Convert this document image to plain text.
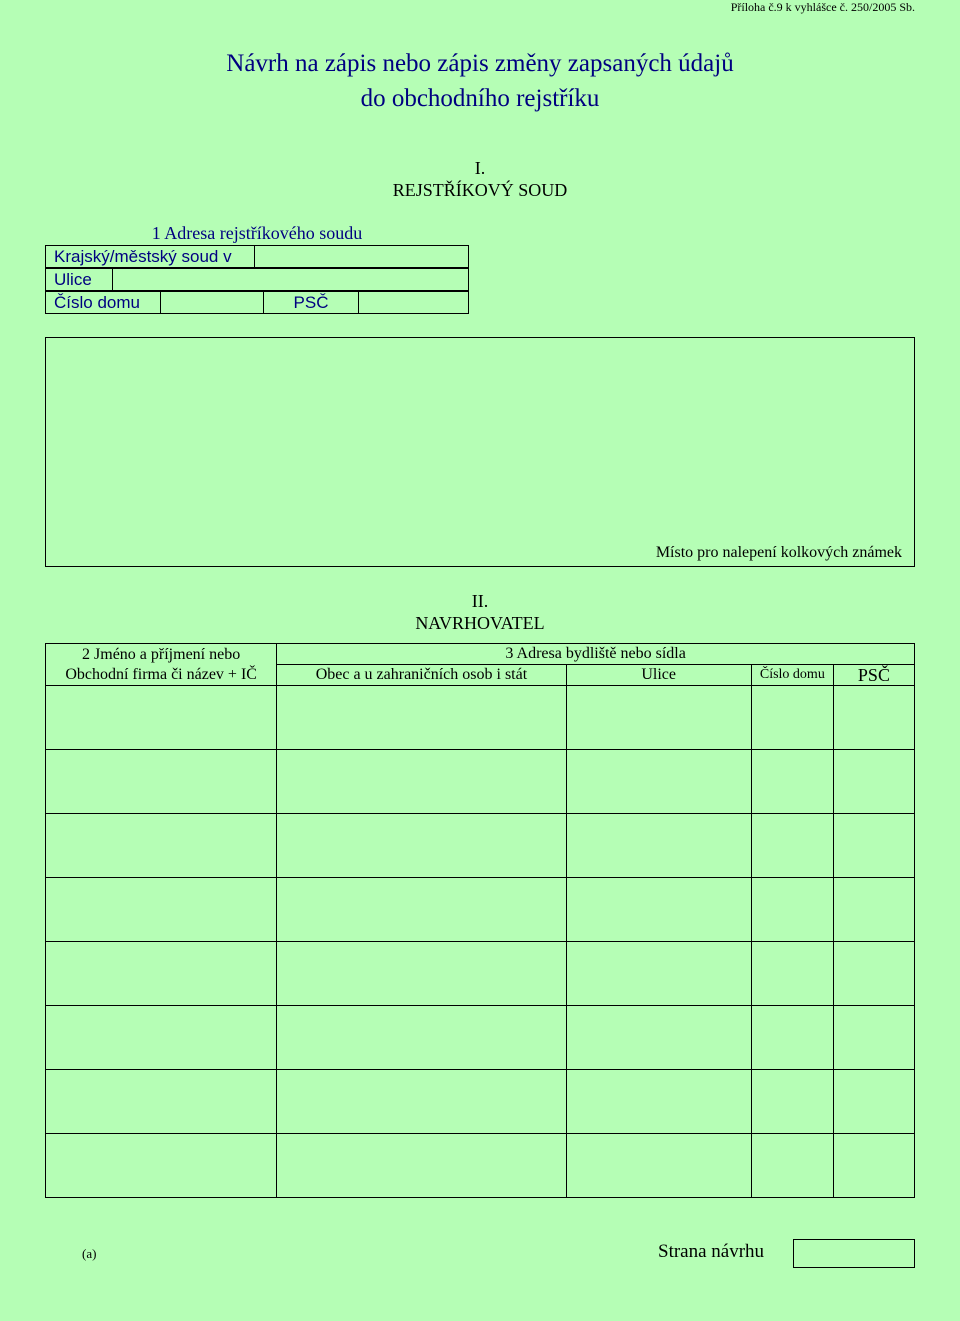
Příloha č.9 k vyhlášce č. 250/2005 Sb.
Návrh na zápis nebo zápis změny zapsaných údajů
do obchodního rejstříku
I.
REJSTŘÍKOVÝ SOUD
1 Adresa rejstříkového soudu
Krajský/městský soud v	
Ulice	
Číslo domu		PSČ	
Místo pro nalepení kolkových známek
II.
NAVRHOVATEL
2 Jméno a příjmení nebo
Obchodní firma či název + IČ	3 Adresa bydliště nebo sídla			
	Obec a u zahraničních osob i stát	Ulice	Číslo domu	PSČ

(a)	Strana návrhu
